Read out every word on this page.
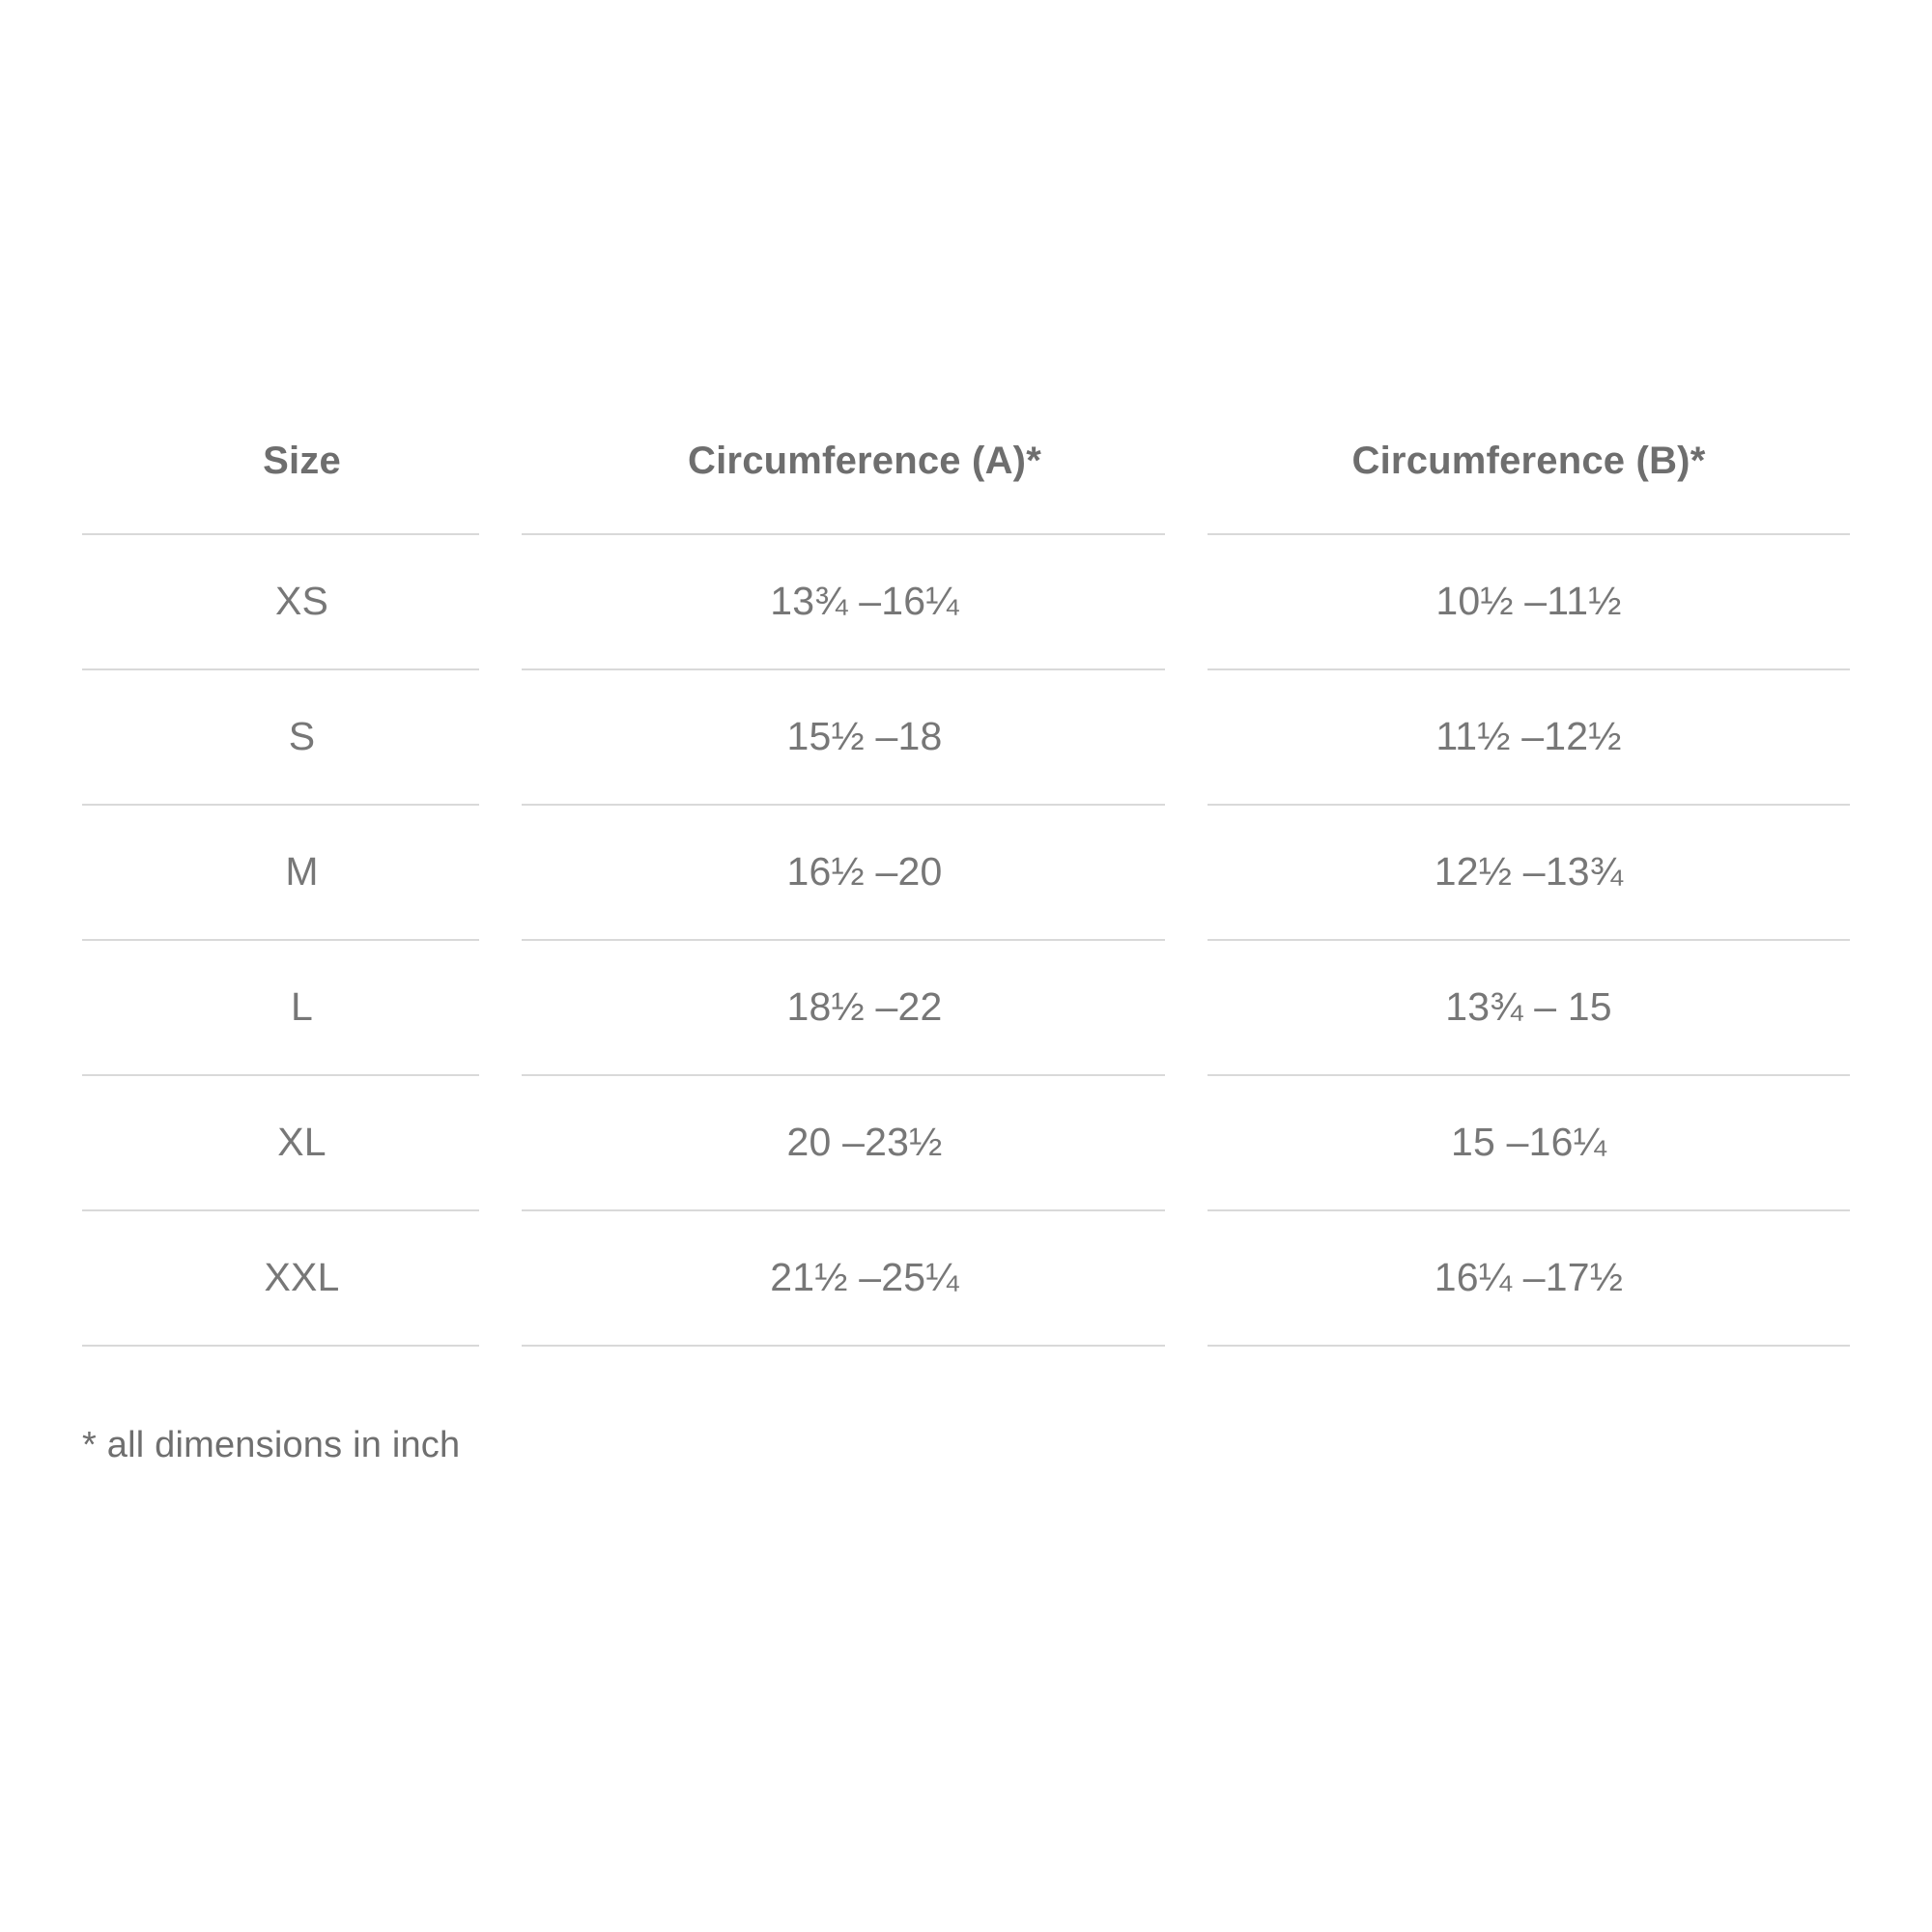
Size	Circumference (A)*	Circumference (B)*
XS	13¾ –16¼	10½ –11½
S	15½ –18	11½ –12½
M	16½ –20	12½ –13¾
L	18½ –22	13¾ – 15
XL	20 –23½	15 –16¼
XXL	21½ –25¼	16¼ –17½

* all dimensions in inch
